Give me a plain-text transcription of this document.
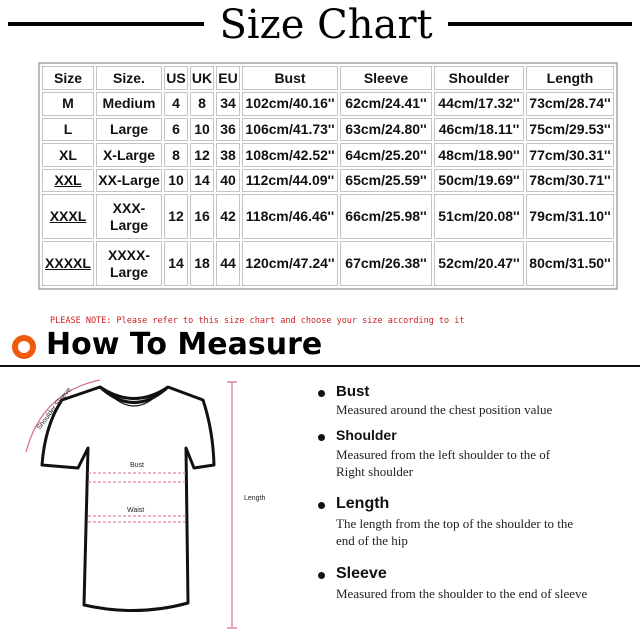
Size Chart
Size	Size.	US	UK	EU	Bust	Sleeve	Shoulder	Length
M	Medium	4	8	34	102cm/40.16''	62cm/24.41''	44cm/17.32''	73cm/28.74''
L	Large	6	10	36	106cm/41.73''	63cm/24.80''	46cm/18.11''	75cm/29.53''
XL	X-Large	8	12	38	108cm/42.52''	64cm/25.20''	48cm/18.90''	77cm/30.31''
XXL	XX-Large	10	14	40	112cm/44.09''	65cm/25.59''	50cm/19.69''	78cm/30.71''
XXXL	XXX-Large	12	16	42	118cm/46.46''	66cm/25.98''	51cm/20.08''	79cm/31.10''
XXXXL	XXXX-Large	14	18	44	120cm/47.24''	67cm/26.38''	52cm/20.47''	80cm/31.50''
PLEASE NOTE: Please refer to this size chart and choose your size according to it
How To Measure
Shoulder Sleeve
Bust
Waist
Length
Bust
Measured around the chest position value
Shoulder
Measured from the left shoulder to the of Right shoulder
Length
The length from the top of the shoulder to the end of the hip
Sleeve
Measured from the shoulder to the end of sleeve
